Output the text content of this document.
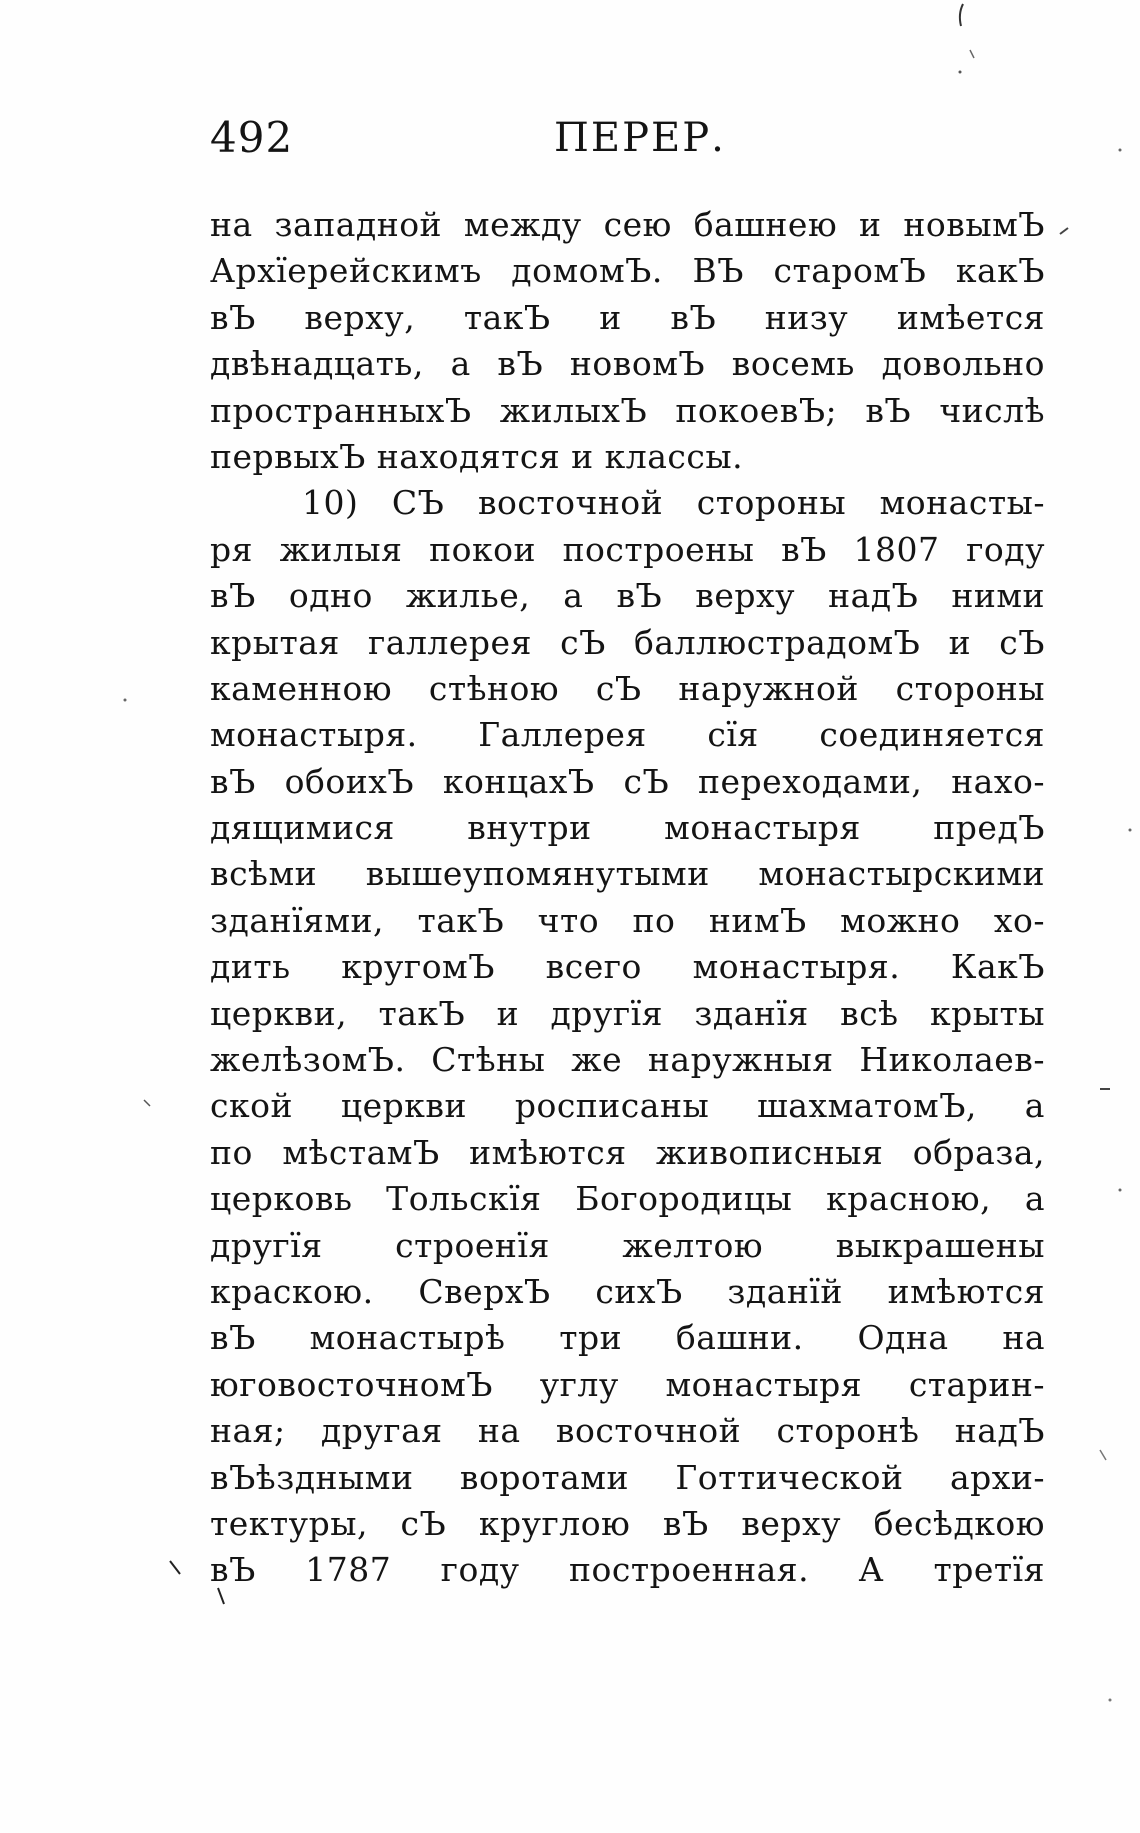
492	ПЕРЕР.
на западной между сею башнею и новымЪ
Архїерейскимъ домомЪ. ВЪ старомЪ какЪ
вЪ верху, такЪ и вЪ низу имѣется
двѣнадцать, а вЪ новомЪ восемь довольно
пространныхЪ жилыхЪ покоевЪ; вЪ числѣ
первыхЪ находятся и классы.
10) СЪ восточной стороны монасты-
ря жилыя покои построены вЪ 1807 году
вЪ одно жилье, а вЪ верху надЪ ними
крытая галлерея сЪ баллюстрадомЪ и сЪ
каменною стѣною сЪ наружной стороны
монастыря. Галлерея сїя соединяется
вЪ обоихЪ концахЪ сЪ переходами, нахо-
дящимися внутри монастыря предЪ
всѣми вышеупомянутыми монастырскими
зданїями, такЪ что по нимЪ можно хо-
дить кругомЪ всего монастыря. КакЪ
церкви, такЪ и другїя зданїя всѣ крыты
желѣзомЪ. Стѣны же наружныя Николаев-
ской церкви росписаны шахматомЪ, а
по мѣстамЪ имѣются живописныя образа,
церковь Тольскїя Богородицы красною, а
другїя строенїя желтою выкрашены
краскою. СверхЪ сихЪ зданїй имѣются
вЪ монастырѣ три башни. Одна на
юговосточномЪ углу монастыря старин-
ная; другая на восточной сторонѣ надЪ
вЪѣздными воротами Готтической архи-
тектуры, сЪ круглою вЪ верху бесѣдкою
вЪ 1787 году построенная. А третїя
